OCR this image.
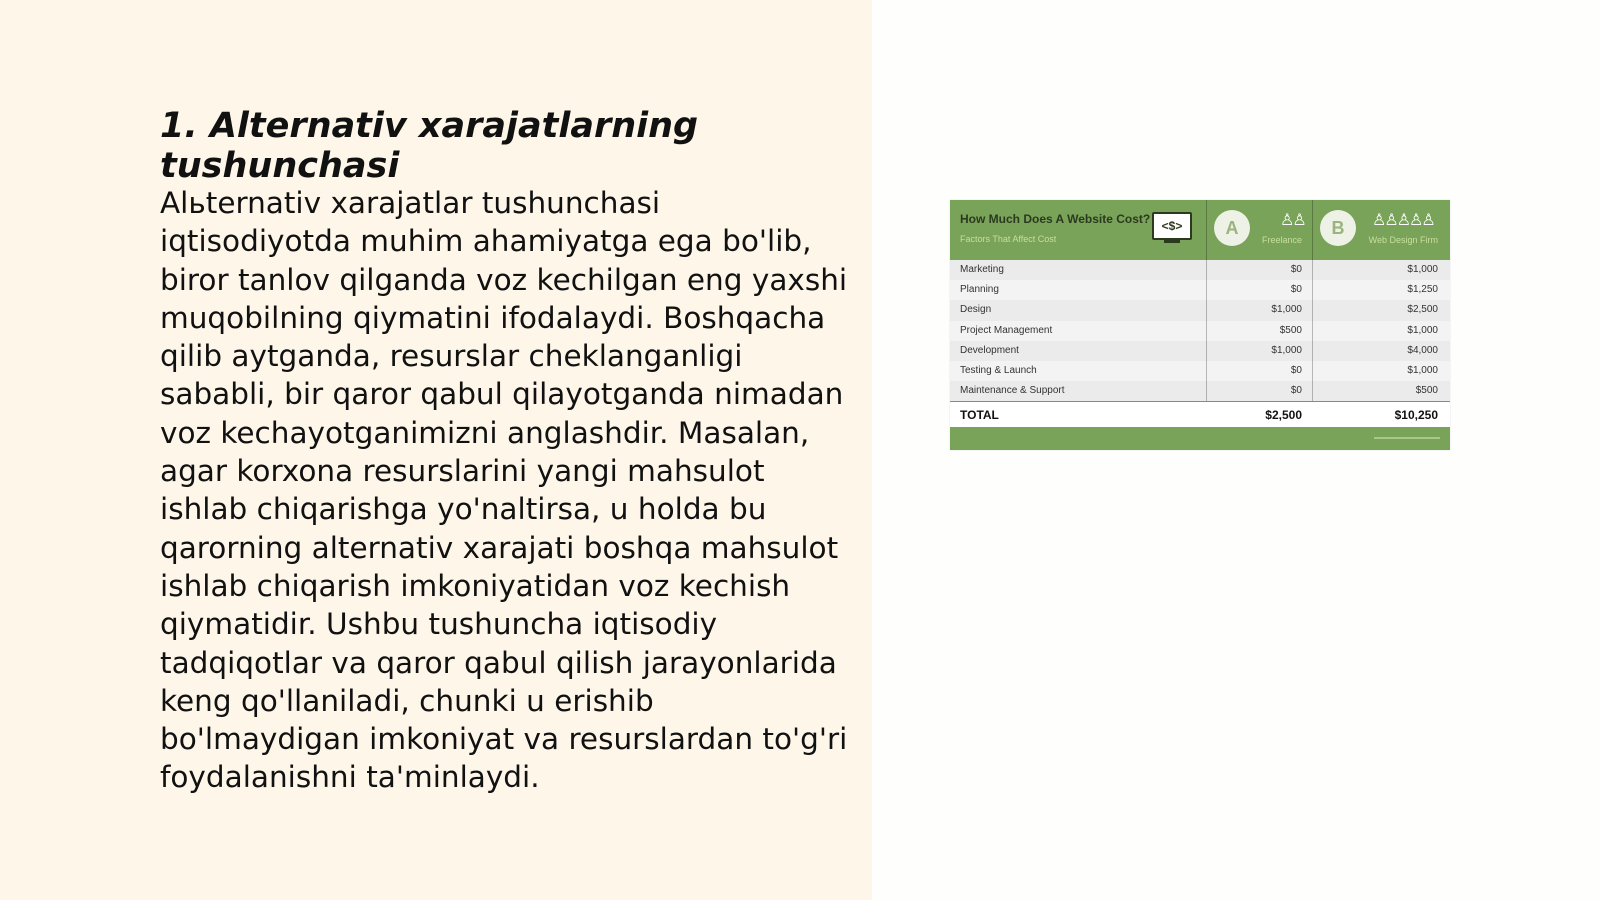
1. Alternativ xarajatlarning tushunchasi

Alьternativ xarajatlar tushunchasi iqtisodiyotda muhim ahamiyatga ega bo'lib, biror tanlov qilganda voz kechilgan eng yaxshi muqobilning qiymatini ifodalaydi. Boshqacha qilib aytganda, resurslar cheklanganligi sababli, bir qaror qabul qilayotganda nimadan voz kechayotganimizni anglashdir. Masalan, agar korxona resurslarini yangi mahsulot ishlab chiqarishga yo'naltirsa, u holda bu qarorning alternativ xarajati boshqa mahsulot ishlab chiqarish imkoniyatidan voz kechish qiymatidir. Ushbu tushuncha iqtisodiy tadqiqotlar va qaror qabul qilish jarayonlarida keng qo'llaniladi, chunki u erishib bo'lmaydigan imkoniyat va resurslardan to'g'ri foydalanishni ta'minlaydi.

How Much Does A Website Cost?
Factors That Affect Cost
<$>	A	♙♙
Freelance
B	♙♙♙♙♙
Web Design Firm
Marketing	$0	$1,000
Planning	$0	$1,250
Design	$1,000	$2,500
Project Management	$500	$1,000
Development	$1,000	$4,000
Testing & Launch	$0	$1,000
Maintenance & Support	$0	$500
TOTAL	$2,500	$10,250
